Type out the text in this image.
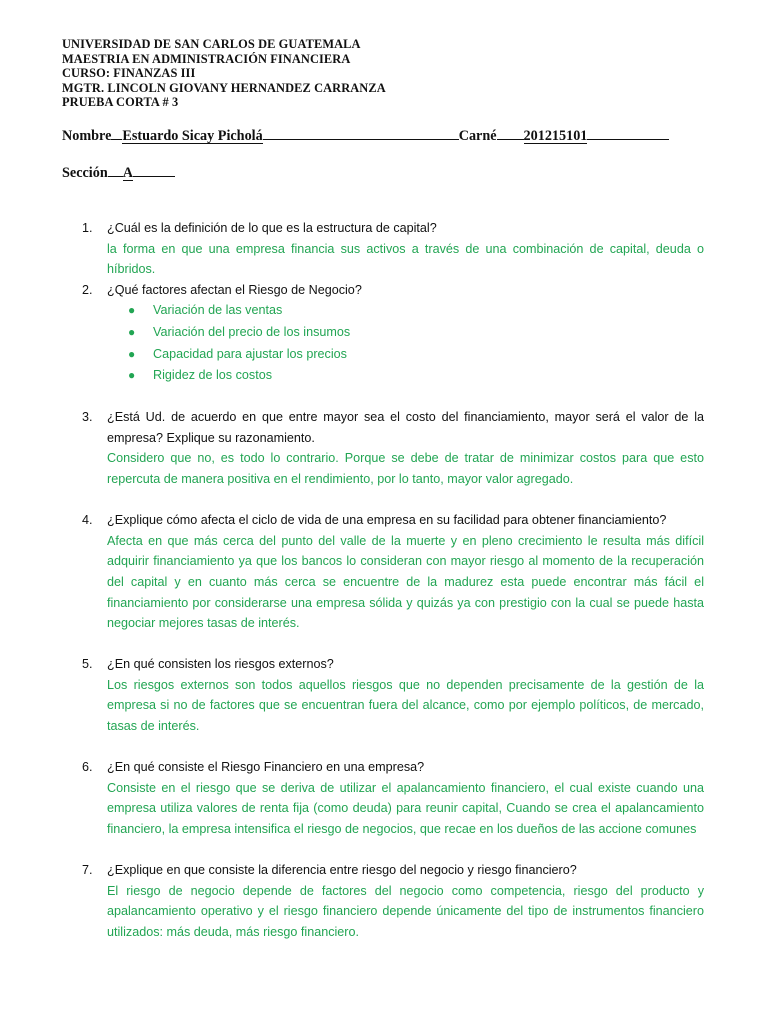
UNIVERSIDAD DE SAN CARLOS DE GUATEMALA
MAESTRIA EN ADMINISTRACIÓN FINANCIERA
CURSO: FINANZAS III
MGTR. LINCOLN GIOVANY HERNANDEZ CARRANZA
PRUEBA CORTA # 3
Nombre Estuardo Sicay Picholá	Carné 201215101
Sección A
1. ¿Cuál es la definición de lo que es la estructura de capital?
la forma en que una empresa financia sus activos a través de una combinación de capital, deuda o híbridos.
2. ¿Qué factores afectan el Riesgo de Negocio?
● Variación de las ventas
● Variación del precio de los insumos
● Capacidad para ajustar los precios
● Rigidez de los costos
3. ¿Está Ud. de acuerdo en que entre mayor sea el costo del financiamiento, mayor será el valor de la empresa? Explique su razonamiento.
Considero que no, es todo lo contrario. Porque se debe de tratar de minimizar costos para que esto repercuta de manera positiva en el rendimiento, por lo tanto, mayor valor agregado.
4. ¿Explique cómo afecta el ciclo de vida de una empresa en su facilidad para obtener financiamiento?
Afecta en que más cerca del punto del valle de la muerte y en pleno crecimiento le resulta más difícil adquirir financiamiento ya que los bancos lo consideran con mayor riesgo al momento de la recuperación del capital y en cuanto más cerca se encuentre de la madurez esta puede encontrar más fácil el financiamiento por considerarse una empresa sólida y quizás ya con prestigio con la cual se puede hasta negociar mejores tasas de interés.
5. ¿En qué consisten los riesgos externos?
Los riesgos externos son todos aquellos riesgos que no dependen precisamente de la gestión de la empresa si no de factores que se encuentran fuera del alcance, como por ejemplo políticos, de mercado, tasas de interés.
6. ¿En qué consiste el Riesgo Financiero en una empresa?
Consiste en el riesgo que se deriva de utilizar el apalancamiento financiero, el cual existe cuando una empresa utiliza valores de renta fija (como deuda) para reunir capital, Cuando se crea el apalancamiento financiero, la empresa intensifica el riesgo de negocios, que recae en los dueños de las accione comunes
7. ¿Explique en que consiste la diferencia entre riesgo del negocio y riesgo financiero?
El riesgo de negocio depende de factores del negocio como competencia, riesgo del producto y apalancamiento operativo y el riesgo financiero depende únicamente del tipo de instrumentos financiero utilizados: más deuda, más riesgo financiero.
